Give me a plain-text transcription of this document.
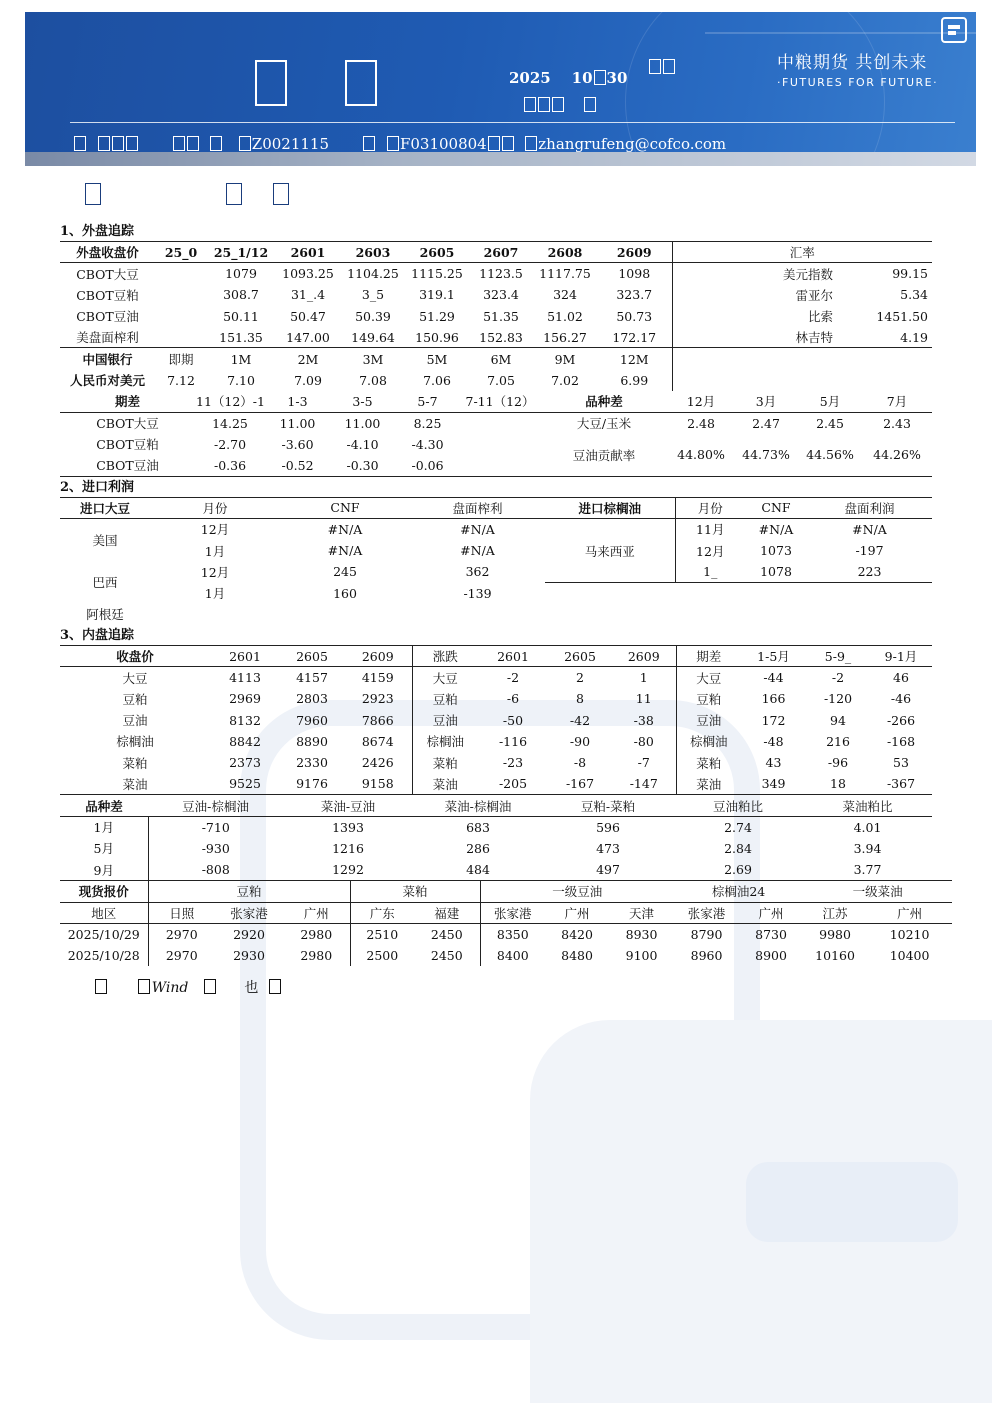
2025 10 30

中粮期货 共创未来
·FUTURES FOR FUTURE·
Z0021115	F03100804	zhangrufeng@cofco.com
1、外盘追踪
外盘收盘价	25_0	25_1/12	2601	2603	2605	2607	2608	2609	汇率	
CBOT大豆		1079	1093.25	1104.25	1115.25	1123.5	1117.75	1098	美元指数	99.15
CBOT豆粕		308.7	31_.4	3_5	319.1	323.4	324	323.7	雷亚尔	5.34
CBOT豆油		50.11	50.47	50.39	51.29	51.35	51.02	50.73	比索	1451.50
美盘面榨利		151.35	147.00	149.64	150.96	152.83	156.27	172.17	林吉特	4.19
中国银行	即期	1M	2M	3M	5M	6M	9M	12M	
人民币对美元	7.12	7.10	7.09	7.08	7.06	7.05	7.02	6.99	
期差	11（12）-1	1-3	3-5	5-7	7-11（12）	品种差	12月	3月	5月	7月
CBOT大豆	14.25	11.00	11.00	8.25		大豆/玉米	2.48	2.47	2.45	2.43
CBOT豆粕	-2.70	-3.60	-4.10	-4.30		豆油贡献率	44.80%	44.73%	44.56%	44.26%
CBOT豆油	-0.36	-0.52	-0.30	-0.06						
2、进口利润
进口大豆	月份	CNF	盘面榨利	进口棕榈油	月份	CNF	盘面利润
美国	12月	#N/A	#N/A		11月	#N/A	#N/A
	1月	#N/A	#N/A	马来西亚	12月	1073	-197
巴西	12月	245	362		1_	1078	223
	1月	160	-139				
阿根廷							
3、内盘追踪
收盘价	2601	2605	2609	涨跌	2601	2605	2609	期差	1-5月	5-9_	9-1月
大豆	4113	4157	4159	大豆	-2	2	1	大豆	-44	-2	46
豆粕	2969	2803	2923	豆粕	-6	8	11	豆粕	166	-120	-46
豆油	8132	7960	7866	豆油	-50	-42	-38	豆油	172	94	-266
棕榈油	8842	8890	8674	棕榈油	-116	-90	-80	棕榈油	-48	216	-168
菜粕	2373	2330	2426	菜粕	-23	-8	-7	菜粕	43	-96	53
菜油	9525	9176	9158	菜油	-205	-167	-147	菜油	349	18	-367
品种差	豆油-棕榈油	菜油-豆油	菜油-棕榈油	豆粕-菜粕	豆油粕比	菜油粕比
1月	-710	1393	683	596	2.74	4.01
5月	-930	1216	286	473	2.84	3.94
9月	-808	1292	484	497	2.69	3.77
现货报价	豆粕			菜粕		一级豆油			棕榈油24		一级菜油	
地区	日照	张家港	广州	广东	福建	张家港	广州	天津	张家港	广州	江苏	广州
2025/10/29	2970	2920	2980	2510	2450	8350	8420	8930	8790	8730	9980	10210
2025/10/28	2970	2930	2980	2500	2450	8400	8480	9100	8960	8900	10160	10400
Wind	也
